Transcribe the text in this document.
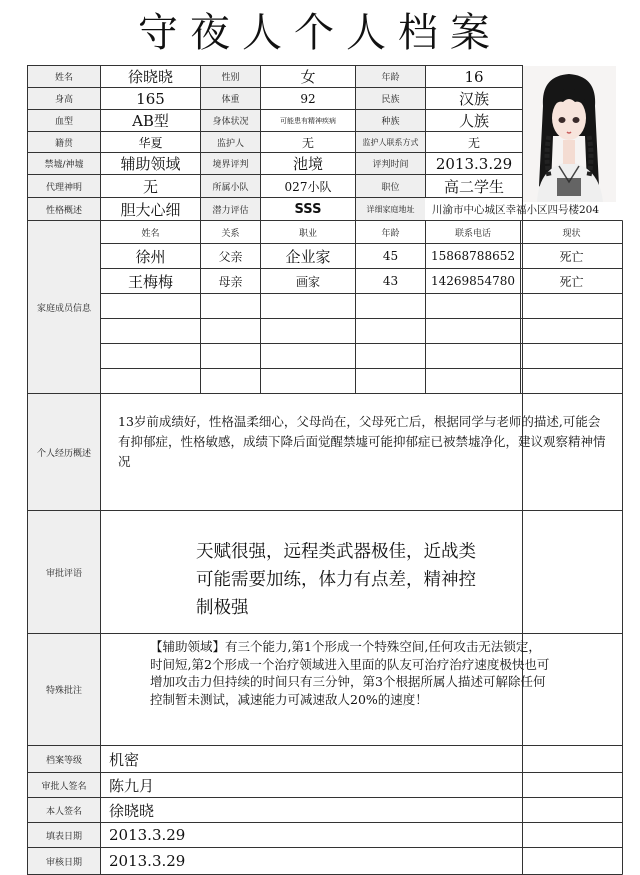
守夜人个人档案
姓名	徐晓晓	性别	女	年龄	16
身高	165	体重	92	民族	汉族
血型	AB型	身体状况	可能患有精神疾病	种族	人族
籍贯	华夏	监护人	无	监护人联系方式	无
禁墟/神墟	辅助领域	境界评判	池境	评判时间	2013.3.29
代理神明	无	所属小队	027小队	职位	高二学生
性格概述	胆大心细	潜力评估	SSS	详细家庭地址	川渝市中心城区幸福小区四号楼204
家庭成员信息
姓名	关系	职业	年龄	联系电话	现状
徐州	父亲	企业家	45	15868788652	死亡
王梅梅	母亲	画家	43	14269854780	死亡
个人经历概述
13岁前成绩好，性格温柔细心，父母尚在，父母死亡后，根据同学与老师的描述,可能会有抑郁症，性格敏感，成绩下降后面觉醒禁墟可能抑郁症已被禁墟净化，建议观察精神情况
审批评语
天赋很强，远程类武器极佳，近战类可能需要加练，体力有点差，精神控制极强
特殊批注
【辅助领域】有三个能力,第1个形成一个特殊空间,任何攻击无法锁定，时间短,第2个形成一个治疗领域进入里面的队友可治疗治疗速度极快也可增加攻击力但持续的时间只有三分钟，第3个根据所属人描述可解除任何控制暂未测试，减速能力可减速敌人20%的速度！
档案等级	机密
审批人签名	陈九月
本人签名	徐晓晓
填表日期	2013.3.29
审核日期	2013.3.29
